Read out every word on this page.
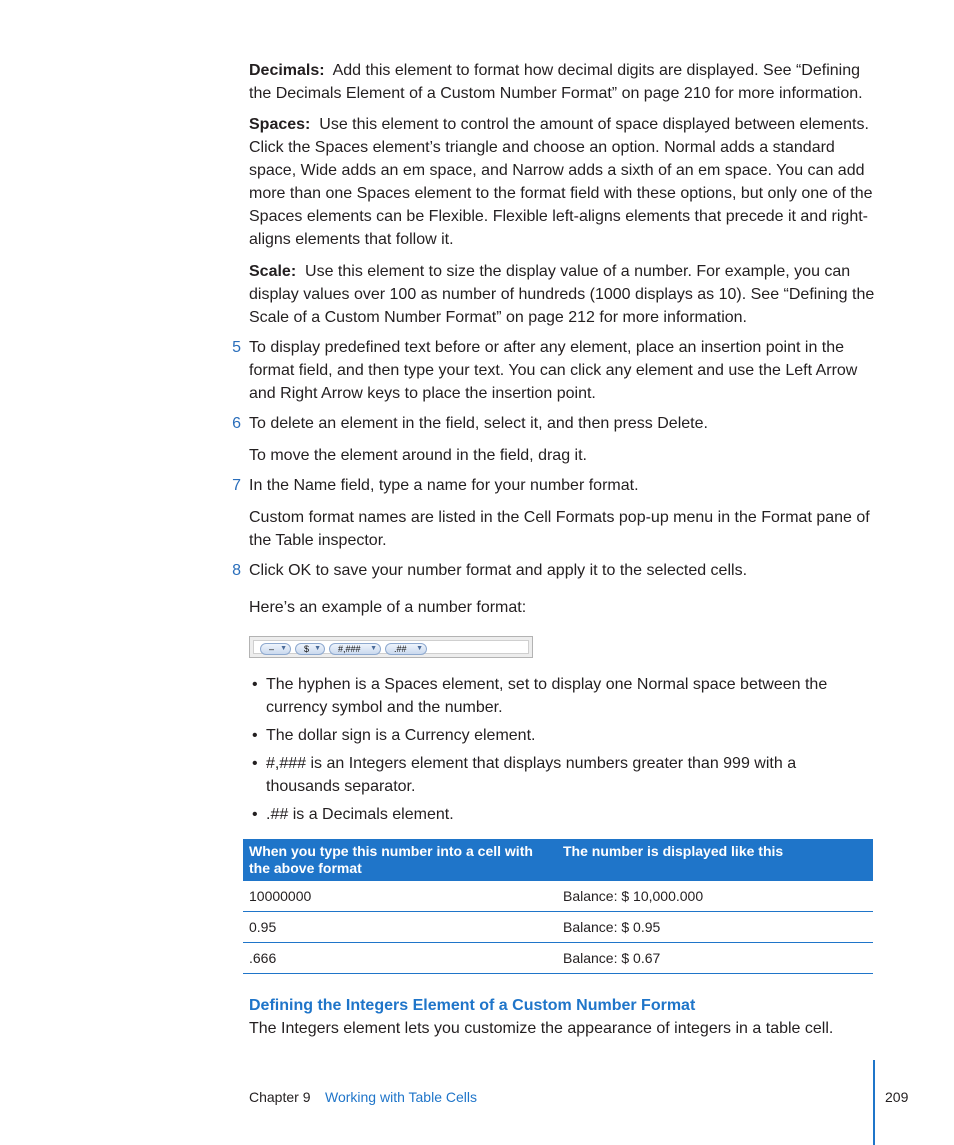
Decimals: Add this element to format how decimal digits are displayed. See “Defining the Decimals Element of a Custom Number Format” on page 210 for more information.

Spaces: Use this element to control the amount of space displayed between elements. Click the Spaces element’s triangle and choose an option. Normal adds a standard space, Wide adds an em space, and Narrow adds a sixth of an em space. You can add more than one Spaces element to the format field with these options, but only one of the Spaces elements can be Flexible. Flexible left-aligns elements that precede it and right-aligns elements that follow it.

Scale: Use this element to size the display value of a number. For example, you can display values over 100 as number of hundreds (1000 displays as 10). See “Defining the Scale of a Custom Number Format” on page 212 for more information.

5 To display predefined text before or after any element, place an insertion point in the format field, and then type your text. You can click any element and use the Left Arrow and Right Arrow keys to place the insertion point.

6 To delete an element in the field, select it, and then press Delete.

To move the element around in the field, drag it.

7 In the Name field, type a name for your number format.

Custom format names are listed in the Cell Formats pop-up menu in the Format pane of the Table inspector.

8 Click OK to save your number format and apply it to the selected cells.

Here’s an example of a number format:

– ▼	$ ▼	#,### ▼	.## ▼

• The hyphen is a Spaces element, set to display one Normal space between the currency symbol and the number.

• The dollar sign is a Currency element.

• #,### is an Integers element that displays numbers greater than 999 with a thousands separator.

• .## is a Decimals element.

When you type this number into a cell with the above format	The number is displayed like this
10000000	Balance: $ 10,000.000
0.95	Balance: $ 0.95
.666	Balance: $ 0.67
Defining the Integers Element of a Custom Number Format

The Integers element lets you customize the appearance of integers in a table cell.

Chapter 9 Working with Table Cells	209
